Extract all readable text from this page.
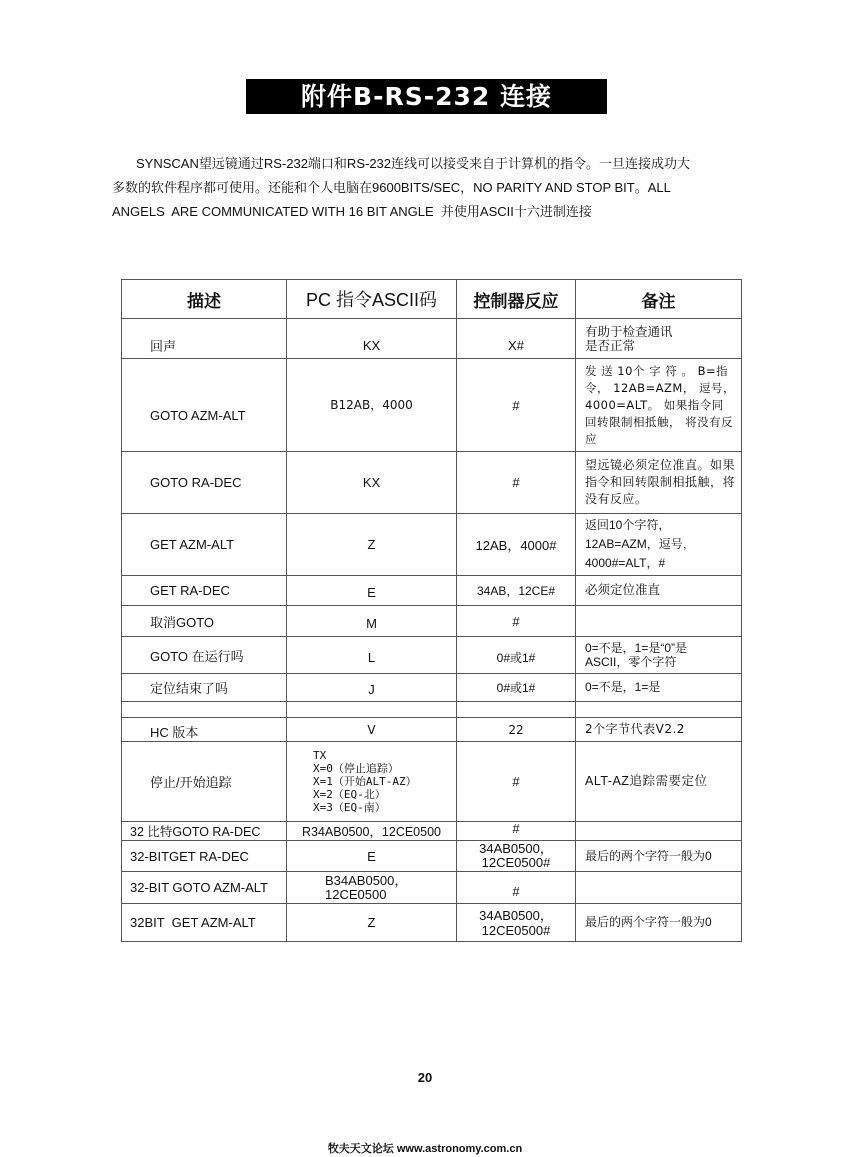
附件B-RS-232 连接

SYNSCAN望远镜通过RS-232端口和RS-232连线可以接受来自于计算机的指令。一旦连接成功大

多数的软件程序都可使用。还能和个人电脑在9600BITS/SEC，NO PARITY AND STOP BIT。ALL
ANGELS  ARE COMMUNICATED WITH 16 BIT ANGLE  并使用ASCII十六进制连接
描述	PC 指令ASCII码	控制器反应	备注
回声	KX	X#	有助于检查通讯
是否正常
GOTO AZM-ALT	B12AB，4000	#	发 送 10个 字 符 。 B=指令， 12AB=AZM， 逗号， 4000=ALT。 如果指令同回转限制相抵触， 将没有反应
GOTO RA-DEC	KX	#	望远镜必须定位准直。如果指令和回转限制相抵触，将没有反应。
GET AZM-ALT	Z	12AB，4000#	返回10个字符，
12AB=AZM，逗号，
4000#=ALT，#
GET RA-DEC	E	34AB，12CE#	必须定位准直
取消GOTO	M	#	
GOTO 在运行吗	L	0#或1#	0=不是，1=是“0”是
ASCII，零个字符
定位结束了吗	J	0#或1#	0=不是，1=是

HC 版本	V	22	2个字节代表V2.2
停止/开始追踪	TX
X=0（停止追踪）
X=1（开始ALT-AZ）
X=2（EQ-北）
X=3（EQ-南）	#	ALT-AZ追踪需要定位
32 比特GOTO RA-DEC	R34AB0500，12CE0500	#	
32-BITGET RA-DEC	E	34AB0500，
12CE0500#	最后的两个字符一般为0
32-BIT GOTO AZM-ALT	B34AB0500，
12CE0500	#	
32BIT  GET AZM-ALT	Z	34AB0500，
12CE0500#	最后的两个字符一般为0
20
牧夫天文论坛 www.astronomy.com.cn
